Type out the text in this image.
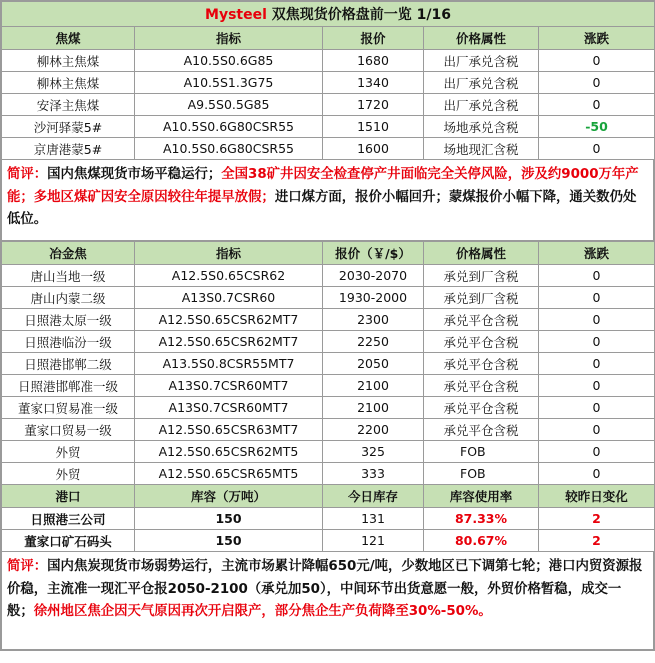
Mysteel 双焦现货价格盘前一览 1/16				
焦煤	指标	报价	价格属性	涨跌
柳林主焦煤	A10.5S0.6G85	1680	出厂承兑含税	0
柳林主焦煤	A10.5S1.3G75	1340	出厂承兑含税	0
安泽主焦煤	A9.5S0.5G85	1720	出厂承兑含税	0
沙河驿蒙5#	A10.5S0.6G80CSR55	1510	场地承兑含税	-50
京唐港蒙5#	A10.5S0.6G80CSR55	1600	场地现汇含税	0
简评：国内焦煤现货市场平稳运行；全国38矿井因安全检查停产井面临完全关停风险，涉及约9000万年产能；多地区煤矿因安全原因较往年提早放假；进口煤方面，报价小幅回升；蒙煤报价小幅下降，通关数仍处低位。
冶金焦	指标	报价（￥/$）	价格属性	涨跌
唐山当地一级	A12.5S0.65CSR62	2030-2070	承兑到厂含税	0
唐山内蒙二级	A13S0.7CSR60	1930-2000	承兑到厂含税	0
日照港太原一级	A12.5S0.65CSR62MT7	2300	承兑平仓含税	0
日照港临汾一级	A12.5S0.65CSR62MT7	2250	承兑平仓含税	0
日照港邯郸二级	A13.5S0.8CSR55MT7	2050	承兑平仓含税	0
日照港邯郸准一级	A13S0.7CSR60MT7	2100	承兑平仓含税	0
董家口贸易准一级	A13S0.7CSR60MT7	2100	承兑平仓含税	0
董家口贸易一级	A12.5S0.65CSR63MT7	2200	承兑平仓含税	0
外贸	A12.5S0.65CSR62MT5	325	FOB	0
外贸	A12.5S0.65CSR65MT5	333	FOB	0
港口	库容（万吨）	今日库存	库容使用率	较昨日变化
日照港三公司	150	131	87.33%	2
董家口矿石码头	150	121	80.67%	2
简评：国内焦炭现货市场弱势运行，主流市场累计降幅650元/吨，少数地区已下调第七轮；港口内贸资源报价稳，主流准一现汇平仓报2050-2100（承兑加50），中间环节出货意愿一般，外贸价格暂稳，成交一般；徐州地区焦企因天气原因再次开启限产，部分焦企生产负荷降至30%-50%。
